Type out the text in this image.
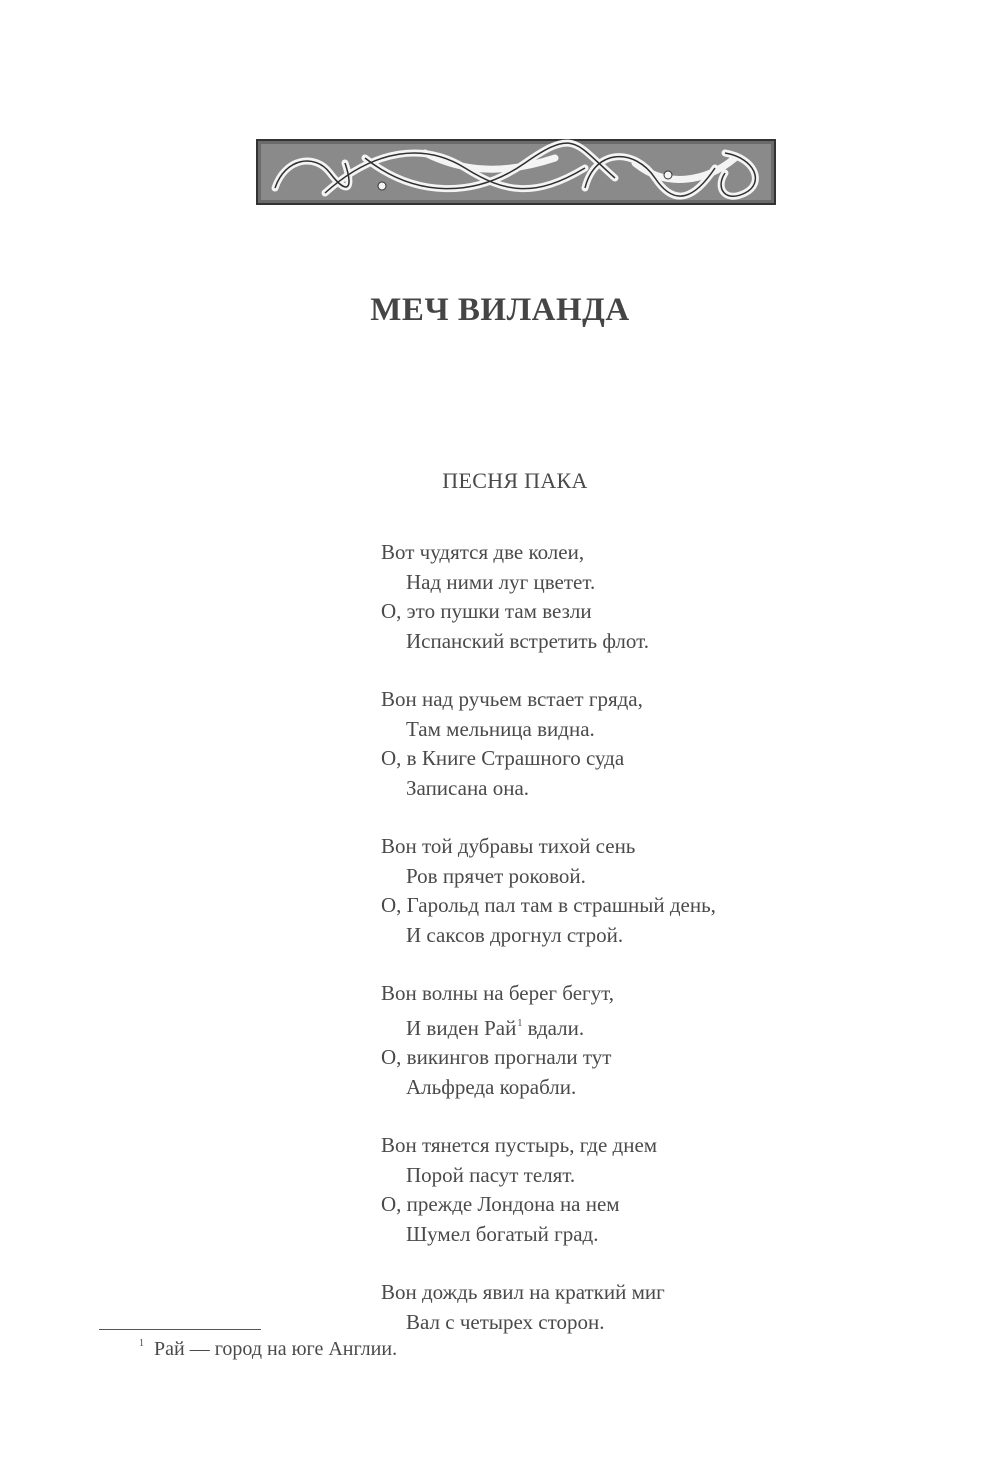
МЕЧ ВИЛАНДА
ПЕСНЯ ПАКА
Вот чудятся две колеи,
Над ними луг цветет.
О, это пушки там везли
Испанский встретить флот.
Вон над ручьем встает гряда,
Там мельница видна.
О, в Книге Страшного суда
Записана она.
Вон той дубравы тихой сень
Ров прячет роковой.
О, Гарольд пал там в страшный день,
И саксов дрогнул строй.
Вон волны на берег бегут,
И виден Рай$^1$ вдали.
О, викингов прогнали тут
Альфреда корабли.
Вон тянется пустырь, где днем
Порой пасут телят.
О, прежде Лондона на нем
Шумел богатый град.
Вон дождь явил на краткий миг
Вал с четырех сторон.
$^1$ Рай — город на юге Англии.
